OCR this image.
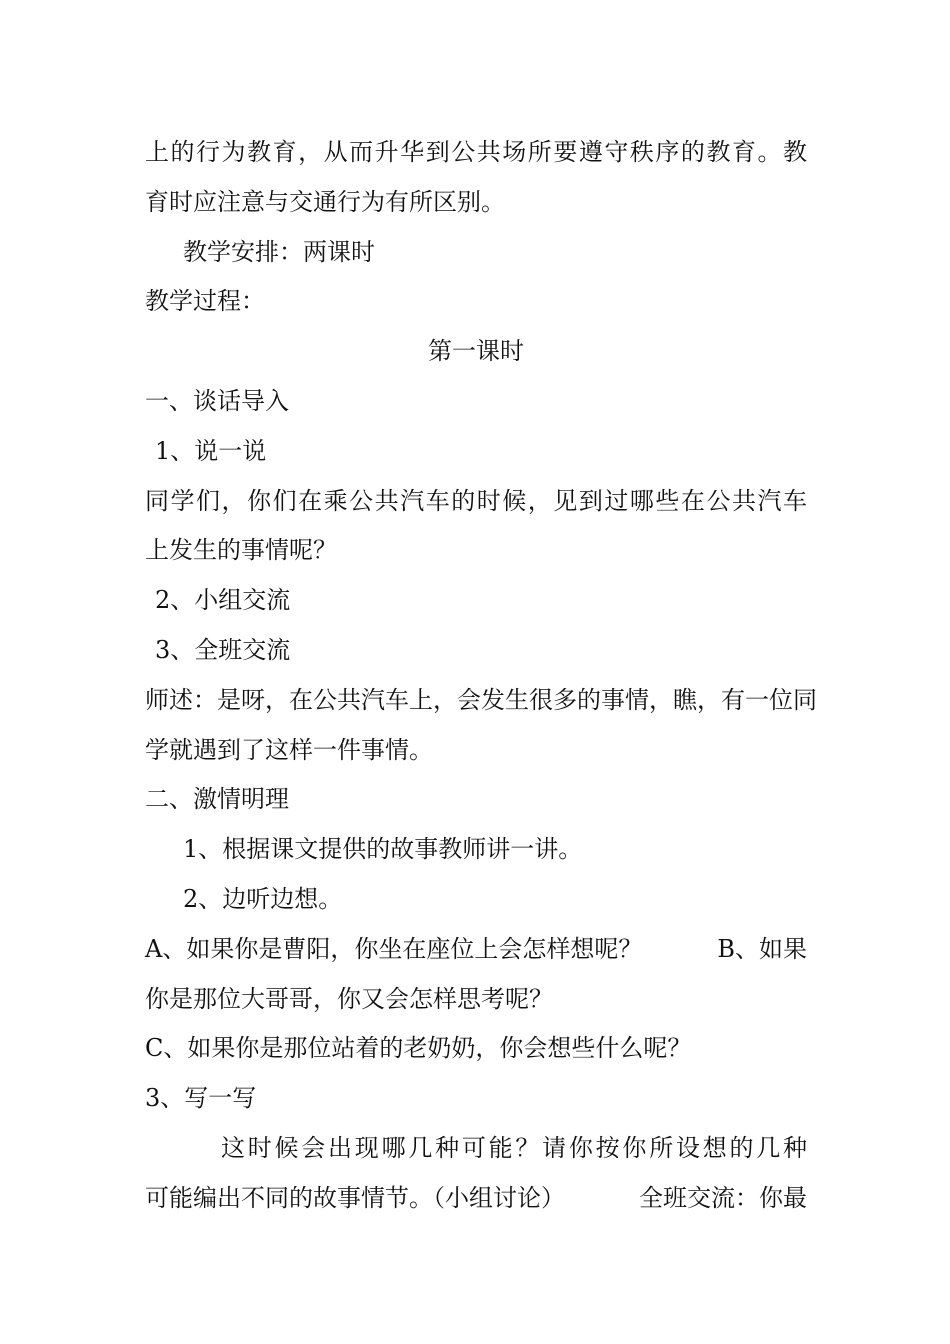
上的行为教育，从而升华到公共场所要遵守秩序的教育。教
育时应注意与交通行为有所区别。
教学安排：两课时
教学过程：
第一课时
一、谈话导入
1、说一说
同学们，你们在乘公共汽车的时候，见到过哪些在公共汽车
上发生的事情呢？
2、小组交流
3、全班交流
师述：是呀，在公共汽车上，会发生很多的事情，瞧，有一位同
学就遇到了这样一件事情。
二、激情明理
1、根据课文提供的故事教师讲一讲。
2、边听边想。
A、如果你是曹阳，你坐在座位上会怎样想呢？	B、如果
你是那位大哥哥，你又会怎样思考呢？
C、如果你是那位站着的老奶奶，你会想些什么呢？
3、写一写
这时候会出现哪几种可能？请你按你所设想的几种
可能编出不同的故事情节。（小组讨论）	全班交流：你最
